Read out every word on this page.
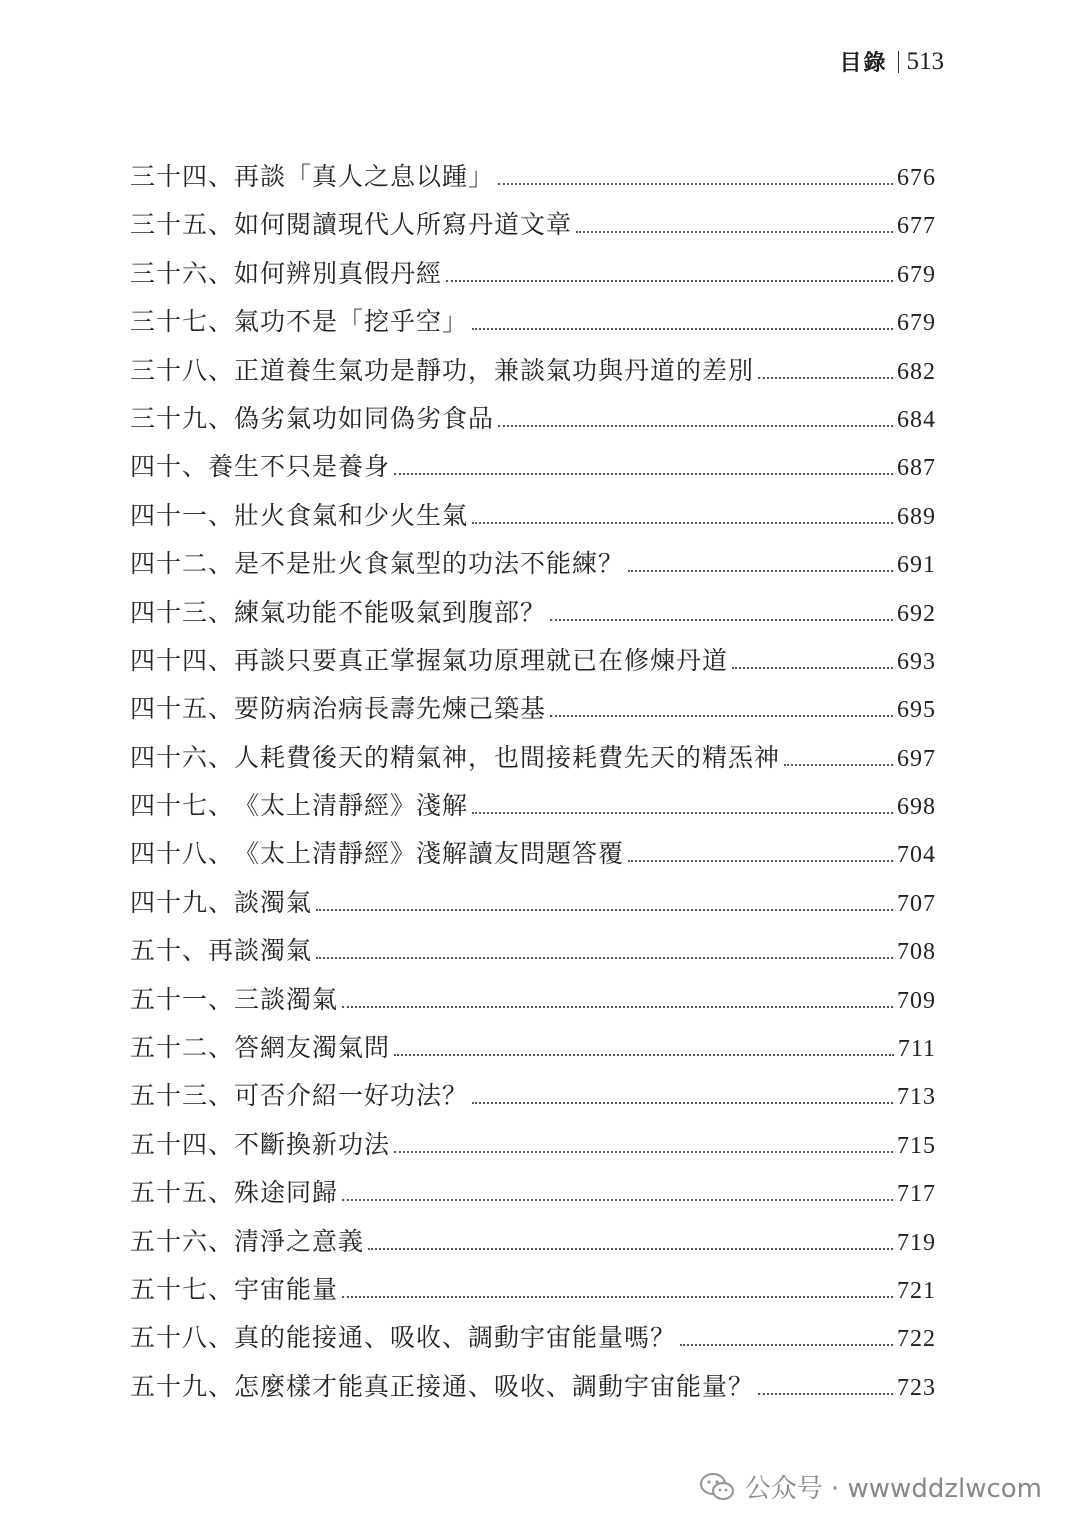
目錄 513
三十四、 再談「真人之息以踵」	676
三十五、 如何閱讀現代人所寫丹道文章	677
三十六、 如何辨別真假丹經	679
三十七、 氣功不是「挖乎空」	679
三十八、 正道養生氣功是靜功，兼談氣功與丹道的差別	682
三十九、 偽劣氣功如同偽劣食品	684
四十、 養生不只是養身	687
四十一、 壯火食氣和少火生氣	689
四十二、 是不是壯火食氣型的功法不能練？	691
四十三、 練氣功能不能吸氣到腹部？	692
四十四、 再談只要真正掌握氣功原理就已在修煉丹道	693
四十五、 要防病治病長壽先煉己築基	695
四十六、 人耗費後天的精氣神，也間接耗費先天的精炁神	697
四十七、 《太上清靜經》淺解	698
四十八、 《太上清靜經》淺解讀友問題答覆	704
四十九、 談濁氣	707
五十、 再談濁氣	708
五十一、 三談濁氣	709
五十二、 答網友濁氣問	711
五十三、 可否介紹一好功法？	713
五十四、 不斷換新功法	715
五十五、 殊途同歸	717
五十六、 清淨之意義	719
五十七、 宇宙能量	721
五十八、 真的能接通、吸收、調動宇宙能量嗎？	722
五十九、 怎麼樣才能真正接通、吸收、調動宇宙能量？	723
公众号 · wwwddzlwcom
